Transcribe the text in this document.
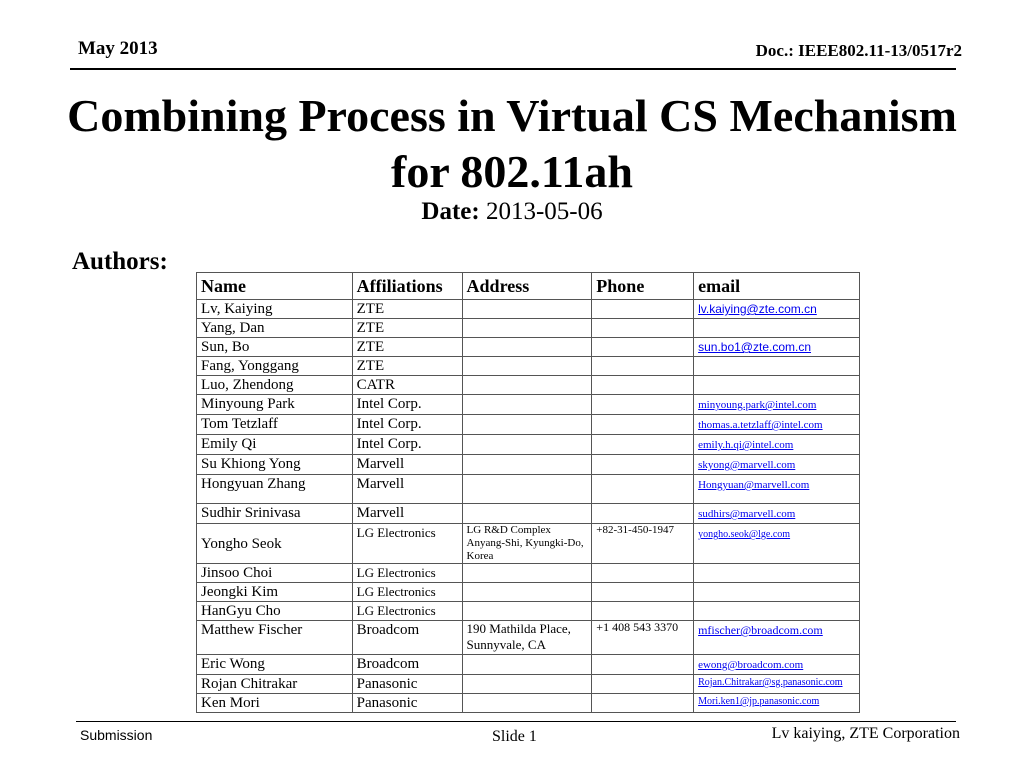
May 2013	Doc.: IEEE802.11-13/0517r2
Combining Process in Virtual CS Mechanism
for 802.11ah
Date: 2013-05-06
Authors:
Name	Affiliations	Address	Phone	email
Lv, Kaiying	ZTE			lv.kaiying@zte.com.cn
Yang, Dan	ZTE			
Sun, Bo	ZTE			sun.bo1@zte.com.cn
Fang, Yonggang	ZTE			
Luo, Zhendong	CATR			
Minyoung Park	Intel Corp.			minyoung.park@intel.com
Tom Tetzlaff	Intel Corp.			thomas.a.tetzlaff@intel.com
Emily Qi	Intel Corp.			emily.h.qi@intel.com
Su Khiong Yong	Marvell			skyong@marvell.com
Hongyuan Zhang	Marvell			Hongyuan@marvell.com
Sudhir Srinivasa	Marvell			sudhirs@marvell.com
Yongho Seok	LG Electronics	LG R&D Complex Anyang-Shi, Kyungki-Do, Korea	+82-31-450-1947	yongho.seok@lge.com
Jinsoo Choi	LG Electronics			
Jeongki Kim	LG Electronics			
HanGyu Cho	LG Electronics			
Matthew Fischer	Broadcom	190 Mathilda Place, Sunnyvale, CA	+1 408 543 3370	mfischer@broadcom.com
Eric Wong	Broadcom			ewong@broadcom.com
Rojan Chitrakar	Panasonic			Rojan.Chitrakar@sg.panasonic.com
Ken Mori	Panasonic			Mori.ken1@jp.panasonic.com
Submission	Slide 1	Lv kaiying, ZTE Corporation
